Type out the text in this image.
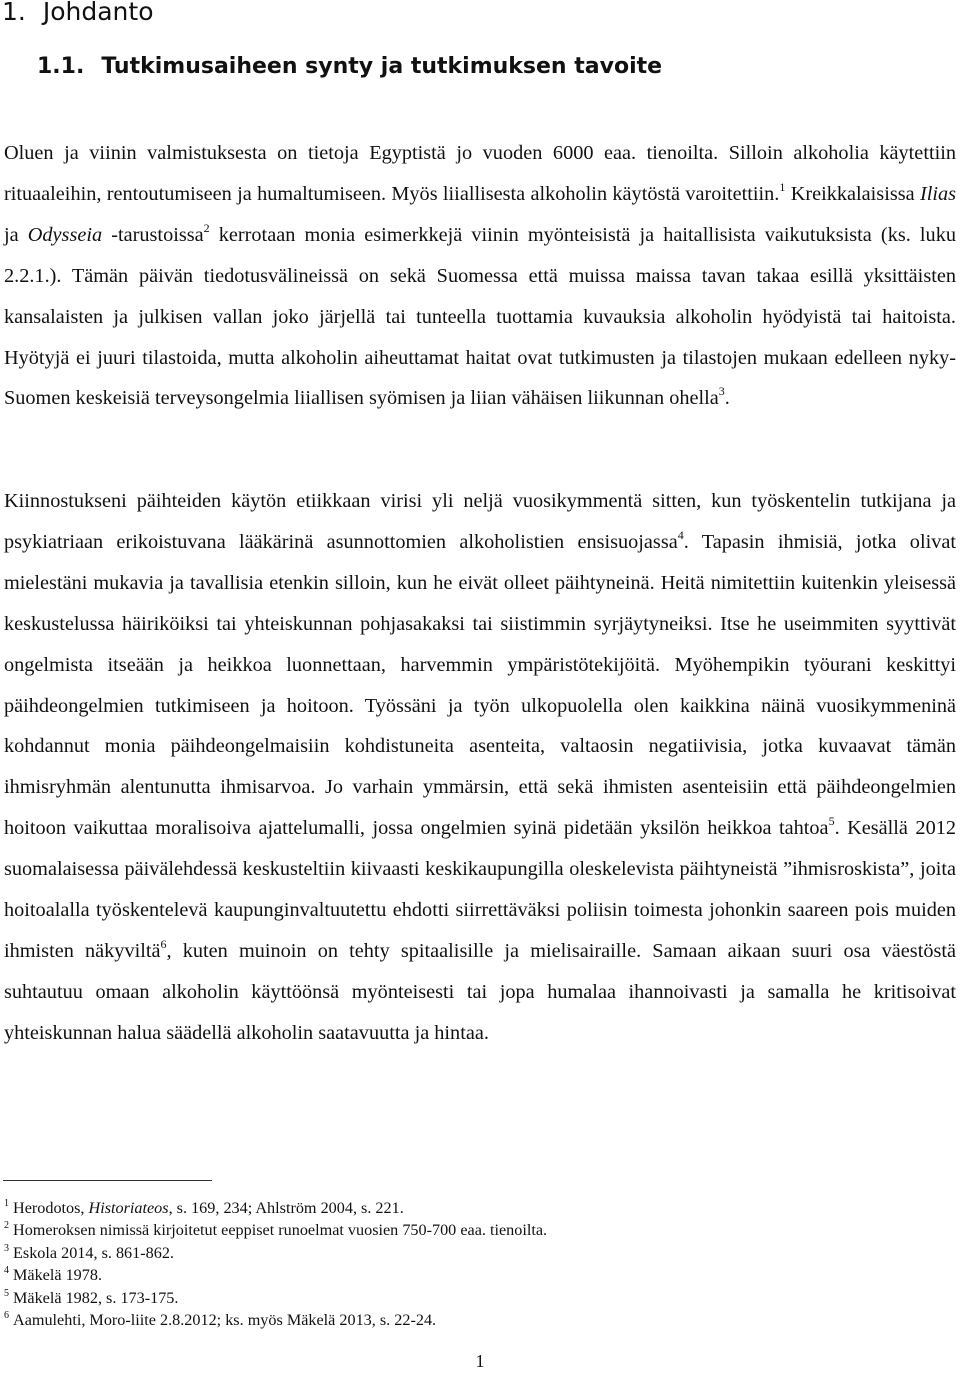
1. Johdanto
1.1. Tutkimusaiheen synty ja tutkimuksen tavoite

Oluen ja viinin valmistuksesta on tietoja Egyptistä jo vuoden 6000 eaa. tienoilta. Silloin alkoholia käytettiin rituaaleihin, rentoutumiseen ja humaltumiseen. Myös liiallisesta alkoholin käytöstä varoitettiin.$^1$ Kreikkalaisissa Ilias ja Odysseia -tarustoissa$^2$ kerrotaan monia esimerkkejä viinin myönteisistä ja haitallisista vaikutuksista (ks. luku 2.2.1.). Tämän päivän tiedotusvälineissä on sekä Suomessa että muissa maissa tavan takaa esillä yksittäisten kansalaisten ja julkisen vallan joko järjellä tai tunteella tuottamia kuvauksia alkoholin hyödyistä tai haitoista. Hyötyjä ei juuri tilastoida, mutta alkoholin aiheuttamat haitat ovat tutkimusten ja tilastojen mukaan edelleen nyky-Suomen keskeisiä terveysongelmia liiallisen syömisen ja liian vähäisen liikunnan ohella$^3$.

Kiinnostukseni päihteiden käytön etiikkaan virisi yli neljä vuosikymmentä sitten, kun työskentelin tutkijana ja psykiatriaan erikoistuvana lääkärinä asunnottomien alkoholistien ensisuojassa$^4$. Tapasin ihmisiä, jotka olivat mielestäni mukavia ja tavallisia etenkin silloin, kun he eivät olleet päihtyneinä. Heitä nimitettiin kuitenkin yleisessä keskustelussa häiriköiksi tai yhteiskunnan pohjasakaksi tai siistimmin syrjäytyneiksi. Itse he useimmiten syyttivät ongelmista itseään ja heikkoa luonnettaan, harvemmin ympäristötekijöitä. Myöhempikin työurani keskittyi päihdeongelmien tutkimiseen ja hoitoon. Työssäni ja työn ulkopuolella olen kaikkina näinä vuosikymmeninä kohdannut monia päihdeongelmaisiin kohdistuneita asenteita, valtaosin negatiivisia, jotka kuvaavat tämän ihmisryhmän alentunutta ihmisarvoa. Jo varhain ymmärsin, että sekä ihmisten asenteisiin että päihdeongelmien hoitoon vaikuttaa moralisoiva ajattelumalli, jossa ongelmien syinä pidetään yksilön heikkoa tahtoa$^5$. Kesällä 2012 suomalaisessa päivälehdessä keskusteltiin kiivaasti keskikaupungilla oleskelevista päihtyneistä ”ihmisroskista”, joita hoitoalalla työskentelevä kaupunginvaltuutettu ehdotti siirrettäväksi poliisin toimesta johonkin saareen pois muiden ihmisten näkyviltä$^6$, kuten muinoin on tehty spitaalisille ja mielisairaille. Samaan aikaan suuri osa väestöstä suhtautuu omaan alkoholin käyttöönsä myönteisesti tai jopa humalaa ihannoivasti ja samalla he kritisoivat yhteiskunnan halua säädellä alkoholin saatavuutta ja hintaa.

$^1$ Herodotos, Historiateos, s. 169, 234; Ahlström 2004, s. 221.
$^2$ Homeroksen nimissä kirjoitetut eeppiset runoelmat vuosien 750-700 eaa. tienoilta.
$^3$ Eskola 2014, s. 861-862.
$^4$ Mäkelä 1978.
$^5$ Mäkelä 1982, s. 173-175.
$^6$ Aamulehti, Moro-liite 2.8.2012; ks. myös Mäkelä 2013, s. 22-24.
1
